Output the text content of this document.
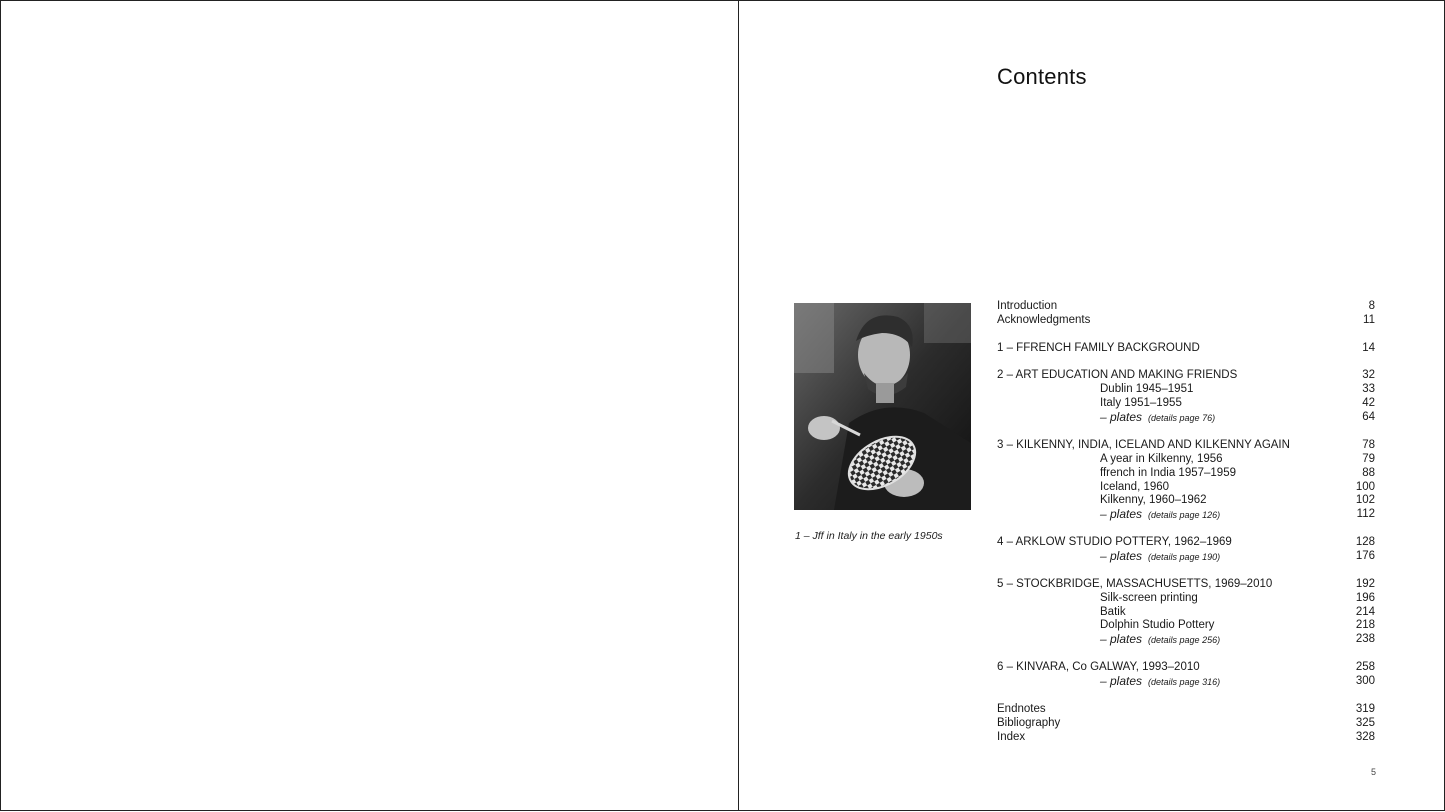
Contents
1 – Jff in Italy in the early 1950s
Introduction	8
Acknowledgments	11
1 – FFRENCH FAMILY BACKGROUND	14
2 – ART EDUCATION AND MAKING FRIENDS	32
Dublin 1945–1951	33
Italy 1951–1955	42
– plates (details page 76)	64
3 – KILKENNY, INDIA, ICELAND AND KILKENNY AGAIN	78
A year in Kilkenny, 1956	79
ffrench in India 1957–1959	88
Iceland, 1960	100
Kilkenny, 1960–1962	102
– plates (details page 126)	112
4 – ARKLOW STUDIO POTTERY, 1962–1969	128
– plates (details page 190)	176
5 – STOCKBRIDGE, MASSACHUSETTS, 1969–2010	192
Silk-screen printing	196
Batik	214
Dolphin Studio Pottery	218
– plates (details page 256)	238
6 – KINVARA, Co GALWAY, 1993–2010	258
– plates (details page 316)	300
Endnotes	319
Bibliography	325
Index	328
5
